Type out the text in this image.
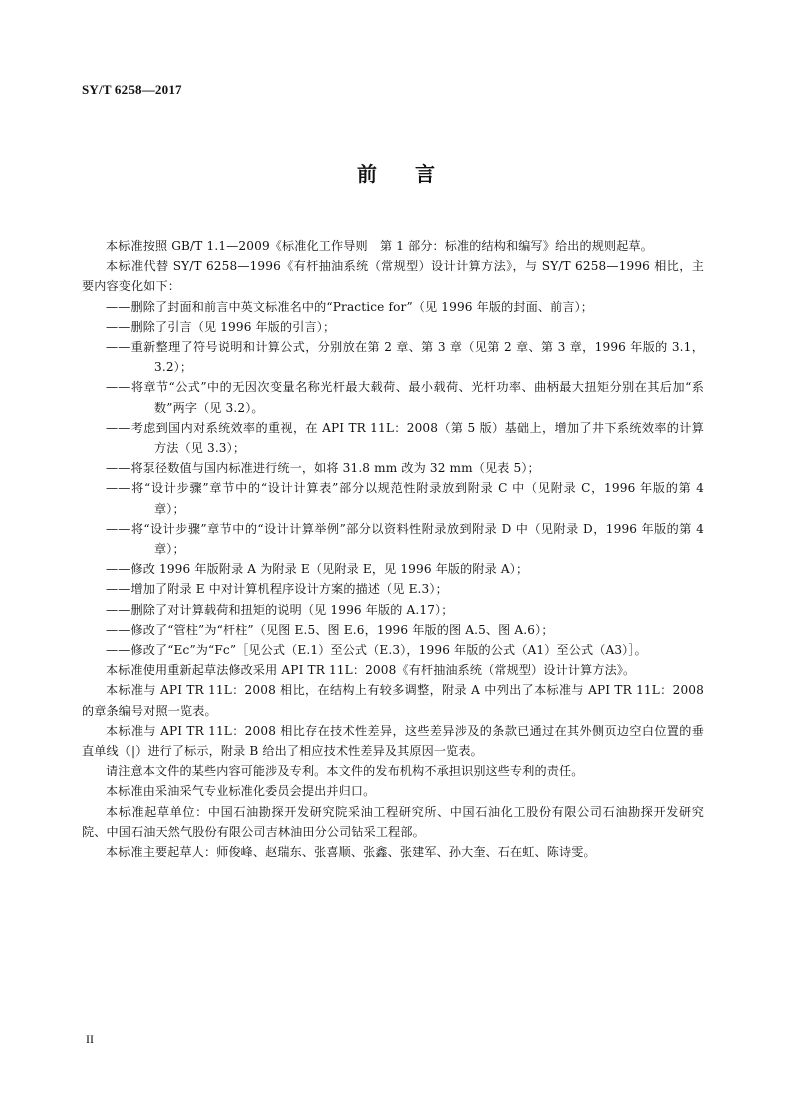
SY/T 6258—2017
前言

本标准按照 GB/T 1.1—2009《标准化工作导则　第 1 部分：标准的结构和编写》给出的规则起草。

本标准代替 SY/T 6258—1996《有杆抽油系统（常规型）设计计算方法》，与 SY/T 6258—1996 相比，主要内容变化如下：

——删除了封面和前言中英文标准名中的“Practice for”（见 1996 年版的封面、前言）；

——删除了引言（见 1996 年版的引言）；

——重新整理了符号说明和计算公式，分别放在第 2 章、第 3 章（见第 2 章、第 3 章，1996 年版的 3.1，3.2）；

——将章节“公式”中的无因次变量名称光杆最大载荷、最小载荷、光杆功率、曲柄最大扭矩分别在其后加“系数”两字（见 3.2）。

——考虑到国内对系统效率的重视，在 API TR 11L：2008（第 5 版）基础上，增加了井下系统效率的计算方法（见 3.3）；

——将泵径数值与国内标准进行统一，如将 31.8 mm 改为 32 mm（见表 5）；

——将“设计步骤”章节中的“设计计算表”部分以规范性附录放到附录 C 中（见附录 C，1996 年版的第 4 章）；

——将“设计步骤”章节中的“设计计算举例”部分以资料性附录放到附录 D 中（见附录 D，1996 年版的第 4 章）；

——修改 1996 年版附录 A 为附录 E（见附录 E，见 1996 年版的附录 A）；

——增加了附录 E 中对计算机程序设计方案的描述（见 E.3）；

——删除了对计算载荷和扭矩的说明（见 1996 年版的 A.17）；

——修改了“管柱”为“杆柱”（见图 E.5、图 E.6，1996 年版的图 A.5、图 A.6）；

——修改了“Ec”为“Fc”［见公式（E.1）至公式（E.3），1996 年版的公式（A1）至公式（A3）］。

本标准使用重新起草法修改采用 API TR 11L：2008《有杆抽油系统（常规型）设计计算方法》。

本标准与 API TR 11L：2008 相比，在结构上有较多调整，附录 A 中列出了本标准与 API TR 11L：2008 的章条编号对照一览表。

本标准与 API TR 11L：2008 相比存在技术性差异，这些差异涉及的条款已通过在其外侧页边空白位置的垂直单线（|）进行了标示，附录 B 给出了相应技术性差异及其原因一览表。

请注意本文件的某些内容可能涉及专利。本文件的发布机构不承担识别这些专利的责任。

本标准由采油采气专业标准化委员会提出并归口。

本标准起草单位：中国石油勘探开发研究院采油工程研究所、中国石油化工股份有限公司石油勘探开发研究院、中国石油天然气股份有限公司吉林油田分公司钻采工程部。

本标准主要起草人：师俊峰、赵瑞东、张喜顺、张鑫、张建军、孙大奎、石在虹、陈诗雯。

II
